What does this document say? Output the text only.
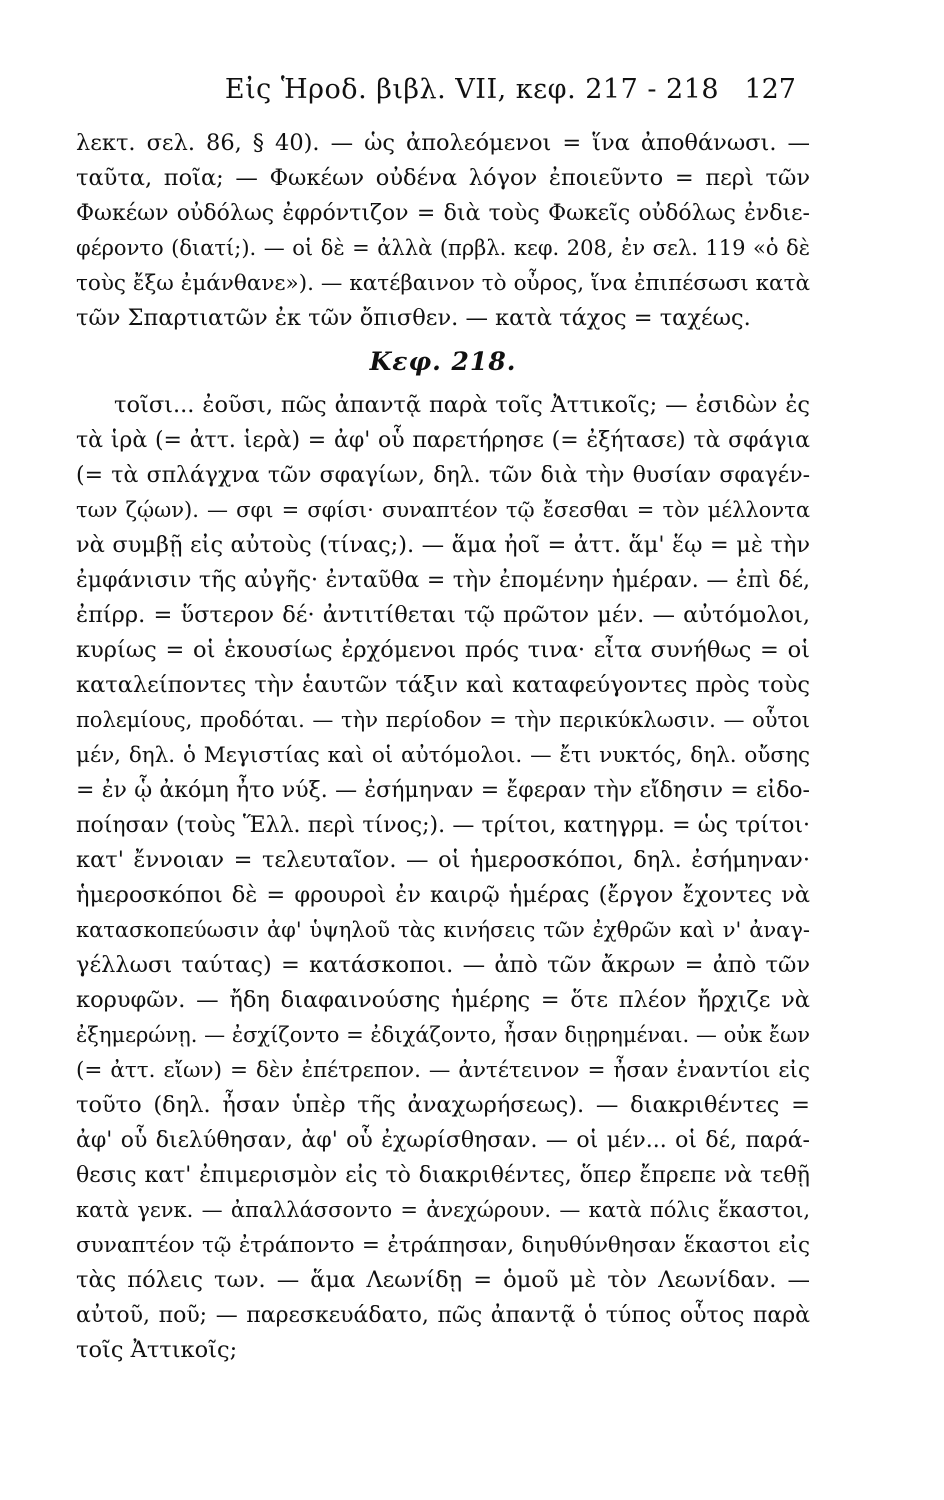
Εἰς Ἡροδ. βιβλ. VII, κεφ. 217 - 218 127
λεκτ. σελ. 86, § 40). — ὡς ἀπολεόμενοι = ἵνα ἀποθάνωσι. —
ταῦτα, ποῖα; — Φωκέων οὐδένα λόγον ἐποιεῦντο = περὶ τῶν
Φωκέων οὐδόλως ἐφρόντιζον = διὰ τοὺς Φωκεῖς οὐδόλως ἐνδιε-
φέροντο (διατί;). — οἱ δὲ = ἀλλὰ (πρβλ. κεφ. 208, ἐν σελ. 119 «ὁ δὲ
τοὺς ἔξω ἐμάνθανε»). — κατέβαινον τὸ οὖρος, ἵνα ἐπιπέσωσι κατὰ
τῶν Σπαρτιατῶν ἐκ τῶν ὄπισθεν. — κατὰ τάχος = ταχέως.
Κεφ. 218.
τοῖσι... ἐοῦσι, πῶς ἀπαντᾷ παρὰ τοῖς Ἀττικοῖς; — ἐσιδὼν ἐς
τὰ ἱρὰ (= ἀττ. ἱερὰ) = ἀφ' οὗ παρετήρησε (= ἐξήτασε) τὰ σφάγια
(= τὰ σπλάγχνα τῶν σφαγίων, δηλ. τῶν διὰ τὴν θυσίαν σφαγέν-
των ζῴων). — σφι = σφίσι· συναπτέον τῷ ἔσεσθαι = τὸν μέλλοντα
νὰ συμβῇ εἰς αὐτοὺς (τίνας;). — ἅμα ἠοῖ = ἀττ. ἅμ' ἕῳ = μὲ τὴν
ἐμφάνισιν τῆς αὐγῆς· ἐνταῦθα = τὴν ἐπομένην ἡμέραν. — ἐπὶ δέ,
ἐπίρρ. = ὕστερον δέ· ἀντιτίθεται τῷ πρῶτον μέν. — αὐτόμολοι,
κυρίως = οἱ ἑκουσίως ἐρχόμενοι πρός τινα· εἶτα συνήθως = οἱ
καταλείποντες τὴν ἑαυτῶν τάξιν καὶ καταφεύγοντες πρὸς τοὺς
πολεμίους, προδόται. — τὴν περίοδον = τὴν περικύκλωσιν. — οὗτοι
μέν, δηλ. ὁ Μεγιστίας καὶ οἱ αὐτόμολοι. — ἔτι νυκτός, δηλ. οὔσης
= ἐν ᾧ ἀκόμη ἦτο νύξ. — ἐσήμηναν = ἔφεραν τὴν εἴδησιν = εἰδο-
ποίησαν (τοὺς Ἕλλ. περὶ τίνος;). — τρίτοι, κατηγρμ. = ὡς τρίτοι·
κατ' ἔννοιαν = τελευταῖον. — οἱ ἡμεροσκόποι, δηλ. ἐσήμηναν·
ἡμεροσκόποι δὲ = φρουροὶ ἐν καιρῷ ἡμέρας (ἔργον ἔχοντες νὰ
κατασκοπεύωσιν ἀφ' ὑψηλοῦ τὰς κινήσεις τῶν ἐχθρῶν καὶ ν' ἀναγ-
γέλλωσι ταύτας) = κατάσκοποι. — ἀπὸ τῶν ἄκρων = ἀπὸ τῶν
κορυφῶν. — ἤδη διαφαινούσης ἡμέρης = ὅτε πλέον ἤρχιζε νὰ
ἐξημερώνῃ. — ἐσχίζοντο = ἐδιχάζοντο, ἦσαν διῃρημέναι. — οὐκ ἔων
(= ἀττ. εἴων) = δὲν ἐπέτρεπον. — ἀντέτεινον = ἦσαν ἐναντίοι εἰς
τοῦτο (δηλ. ἦσαν ὑπὲρ τῆς ἀναχωρήσεως). — διακριθέντες =
ἀφ' οὗ διελύθησαν, ἀφ' οὗ ἐχωρίσθησαν. — οἱ μέν... οἱ δέ, παρά-
θεσις κατ' ἐπιμερισμὸν εἰς τὸ διακριθέντες, ὅπερ ἔπρεπε νὰ τεθῇ
κατὰ γενκ. — ἀπαλλάσσοντο = ἀνεχώρουν. — κατὰ πόλις ἕκαστοι,
συναπτέον τῷ ἐτράποντο = ἐτράπησαν, διηυθύνθησαν ἕκαστοι εἰς
τὰς πόλεις των. — ἅμα Λεωνίδῃ = ὁμοῦ μὲ τὸν Λεωνίδαν. —
αὐτοῦ, ποῦ; — παρεσκευάδατο, πῶς ἀπαντᾷ ὁ τύπος οὗτος παρὰ
τοῖς Ἀττικοῖς;
